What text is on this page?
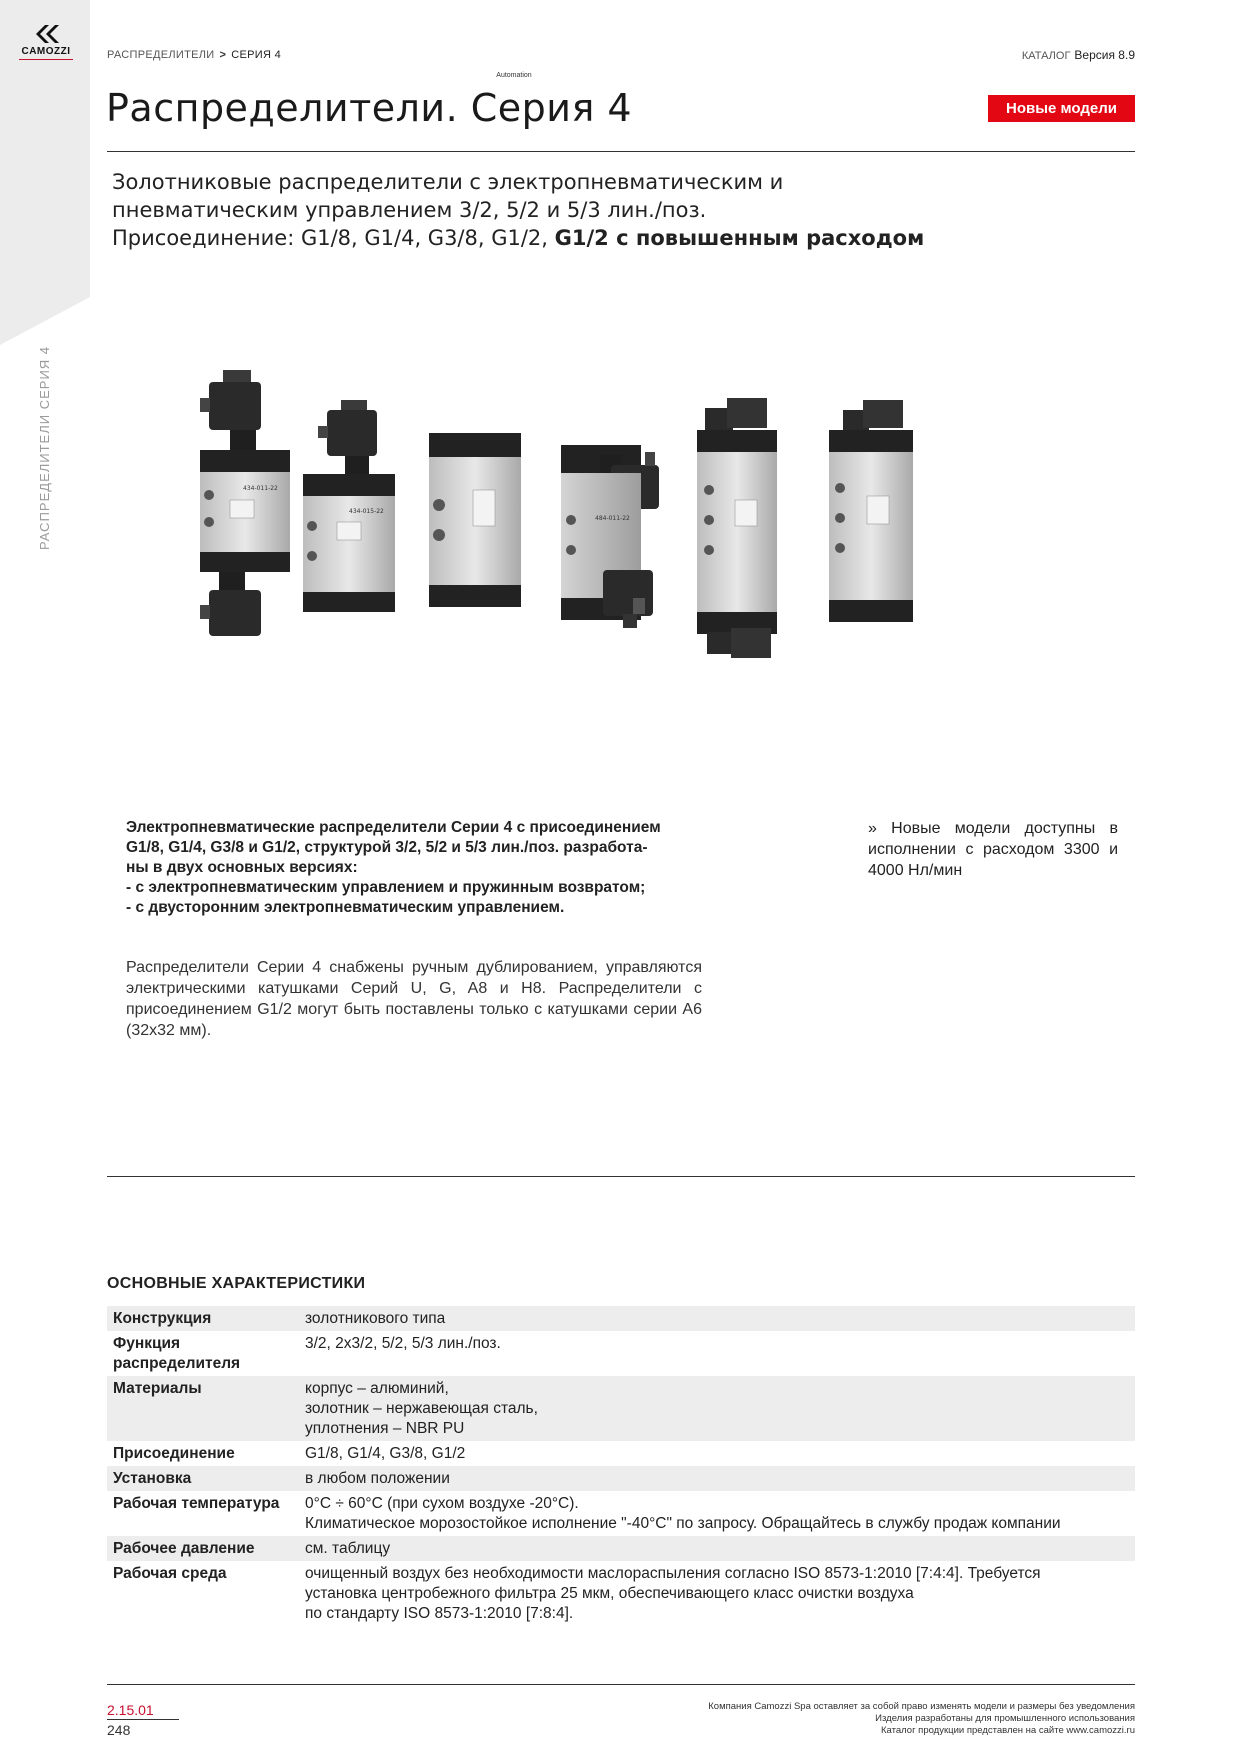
CAMOZZI
Automation
РАСПРЕДЕЛИТЕЛИ СЕРИЯ 4
РАСПРЕДЕЛИТЕЛИ > СЕРИЯ 4	КАТАЛОГ Версия 8.9
Распределители. Серия 4	Новые модели
Золотниковые распределители с электропневматическим и
пневматическим управлением 3/2, 5/2 и 5/3 лин./поз.
Присоединение: G1/8, G1/4, G3/8, G1/2, G1/2 с повышенным расходом
434-011-22
434-015-22
484-011-22
Электропневматические распределители Серии 4 с присоединением
G1/8, G1/4, G3/8 и G1/2, структурой 3/2, 5/2 и 5/3 лин./поз. разработа-
ны в двух основных версиях:
- с электропневматическим управлением и пружинным возвратом;
- с двусторонним электропневматическим управлением.
» Новые модели доступны в исполнении с расходом 3300 и 4000 Нл/мин
Распределители Серии 4 снабжены ручным дублированием, управляются электрическими катушками Серий U, G, A8 и H8. Распределители с присоединением G1/2 могут быть поставлены только с катушками серии A6 (32x32 мм).
ОСНОВНЫЕ ХАРАКТЕРИСТИКИ
Конструкция	золотникового типа

Функция распределителя	3/2, 2x3/2, 5/2, 5/3 лин./поз.

Материалы	корпус – алюминий,
золотник – нержавеющая сталь,
уплотнения – NBR PU

Присоединение	G1/8, G1/4, G3/8, G1/2

Установка	в любом положении

Рабочая температура	0°C ÷ 60°C (при сухом воздухе -20°C).
Климатическое морозостойкое исполнение "-40°C" по запросу. Обращайтесь в службу продаж компании

Рабочее давление	см. таблицу

Рабочая среда	очищенный воздух без необходимости маслораспыления согласно ISO 8573-1:2010 [7:4:4]. Требуется
установка центробежного фильтра 25 мкм, обеспечивающего класс очистки воздуха
по стандарту ISO 8573-1:2010 [7:8:4].
2.15.01
248
Компания Camozzi Spa оставляет за собой право изменять модели и размеры без уведомления
Изделия разработаны для промышленного использования
Каталог продукции представлен на сайте www.camozzi.ru
